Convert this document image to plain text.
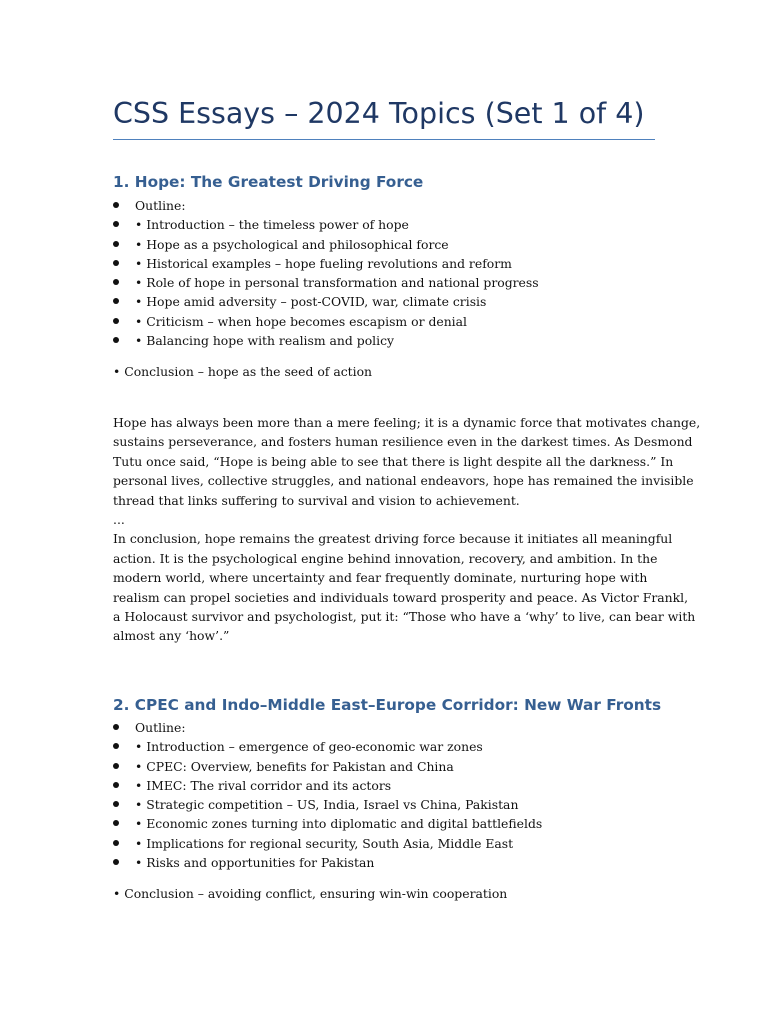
CSS Essays – 2024 Topics (Set 1 of 4)
1. Hope: The Greatest Driving Force
Outline:
• Introduction – the timeless power of hope
• Hope as a psychological and philosophical force
• Historical examples – hope fueling revolutions and reform
• Role of hope in personal transformation and national progress
• Hope amid adversity – post-COVID, war, climate crisis
• Criticism – when hope becomes escapism or denial
• Balancing hope with realism and policy
• Conclusion – hope as the seed of action
Hope has always been more than a mere feeling; it is a dynamic force that motivates change,
sustains perseverance, and fosters human resilience even in the darkest times. As Desmond
Tutu once said, “Hope is being able to see that there is light despite all the darkness.” In
personal lives, collective struggles, and national endeavors, hope has remained the invisible
thread that links suffering to survival and vision to achievement.
...
In conclusion, hope remains the greatest driving force because it initiates all meaningful
action. It is the psychological engine behind innovation, recovery, and ambition. In the
modern world, where uncertainty and fear frequently dominate, nurturing hope with
realism can propel societies and individuals toward prosperity and peace. As Victor Frankl,
a Holocaust survivor and psychologist, put it: “Those who have a ‘why’ to live, can bear with
almost any ‘how’.”
2. CPEC and Indo–Middle East–Europe Corridor: New War Fronts
Outline:
• Introduction – emergence of geo-economic war zones
• CPEC: Overview, benefits for Pakistan and China
• IMEC: The rival corridor and its actors
• Strategic competition – US, India, Israel vs China, Pakistan
• Economic zones turning into diplomatic and digital battlefields
• Implications for regional security, South Asia, Middle East
• Risks and opportunities for Pakistan
• Conclusion – avoiding conflict, ensuring win-win cooperation
